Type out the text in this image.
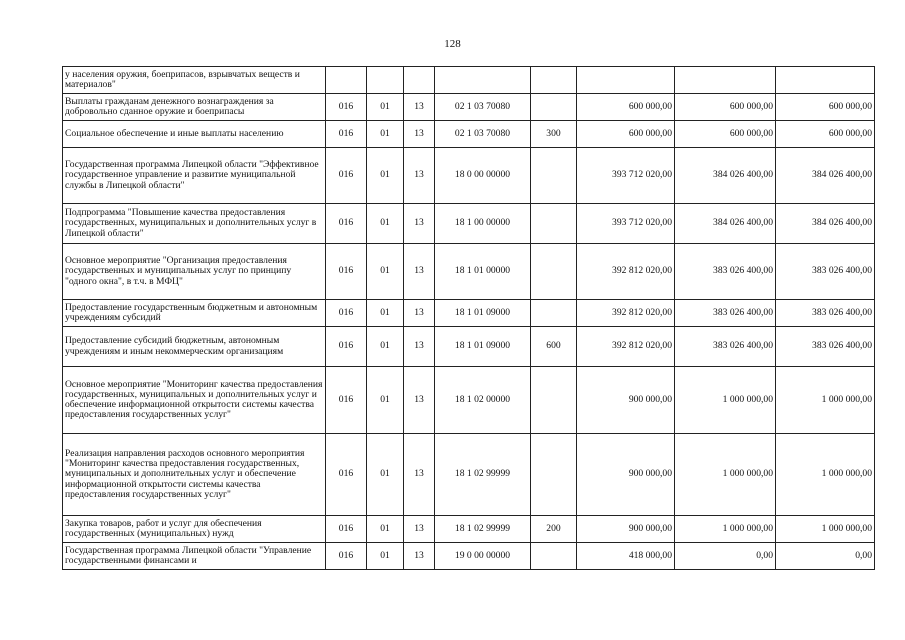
128
у населения оружия, боеприпасов, взрывчатых веществ и материалов"								
Выплаты гражданам денежного вознаграждения за добровольно сданное оружие и боеприпасы	016	01	13	02 1 03 70080		600 000,00	600 000,00	600 000,00
Социальное обеспечение и иные выплаты населению	016	01	13	02 1 03 70080	300	600 000,00	600 000,00	600 000,00
Государственная программа Липецкой области "Эффективное государственное управление и развитие муниципальной службы в Липецкой области"	016	01	13	18 0 00 00000		393 712 020,00	384 026 400,00	384 026 400,00
Подпрограмма "Повышение качества предоставления государственных, муниципальных и дополнительных услуг в Липецкой области"	016	01	13	18 1 00 00000		393 712 020,00	384 026 400,00	384 026 400,00
Основное мероприятие "Организация предоставления государственных и муниципальных услуг по принципу "одного окна", в т.ч. в МФЦ"	016	01	13	18 1 01 00000		392 812 020,00	383 026 400,00	383 026 400,00
Предоставление государственным бюджетным и автономным учреждениям субсидий	016	01	13	18 1 01 09000		392 812 020,00	383 026 400,00	383 026 400,00
Предоставление субсидий бюджетным, автономным учреждениям и иным некоммерческим организациям	016	01	13	18 1 01 09000	600	392 812 020,00	383 026 400,00	383 026 400,00
Основное мероприятие "Мониторинг качества предоставления государственных, муниципальных и дополнительных услуг и обеспечение информационной открытости системы качества предоставления государственных услуг"	016	01	13	18 1 02 00000		900 000,00	1 000 000,00	1 000 000,00
Реализация направления расходов основного мероприятия "Мониторинг качества предоставления государственных, муниципальных и дополнительных услуг и обеспечение информационной открытости системы качества предоставления государственных услуг"	016	01	13	18 1 02 99999		900 000,00	1 000 000,00	1 000 000,00
Закупка товаров, работ и услуг для обеспечения государственных (муниципальных) нужд	016	01	13	18 1 02 99999	200	900 000,00	1 000 000,00	1 000 000,00
Государственная программа Липецкой области "Управление государственными финансами и	016	01	13	19 0 00 00000		418 000,00	0,00	0,00
